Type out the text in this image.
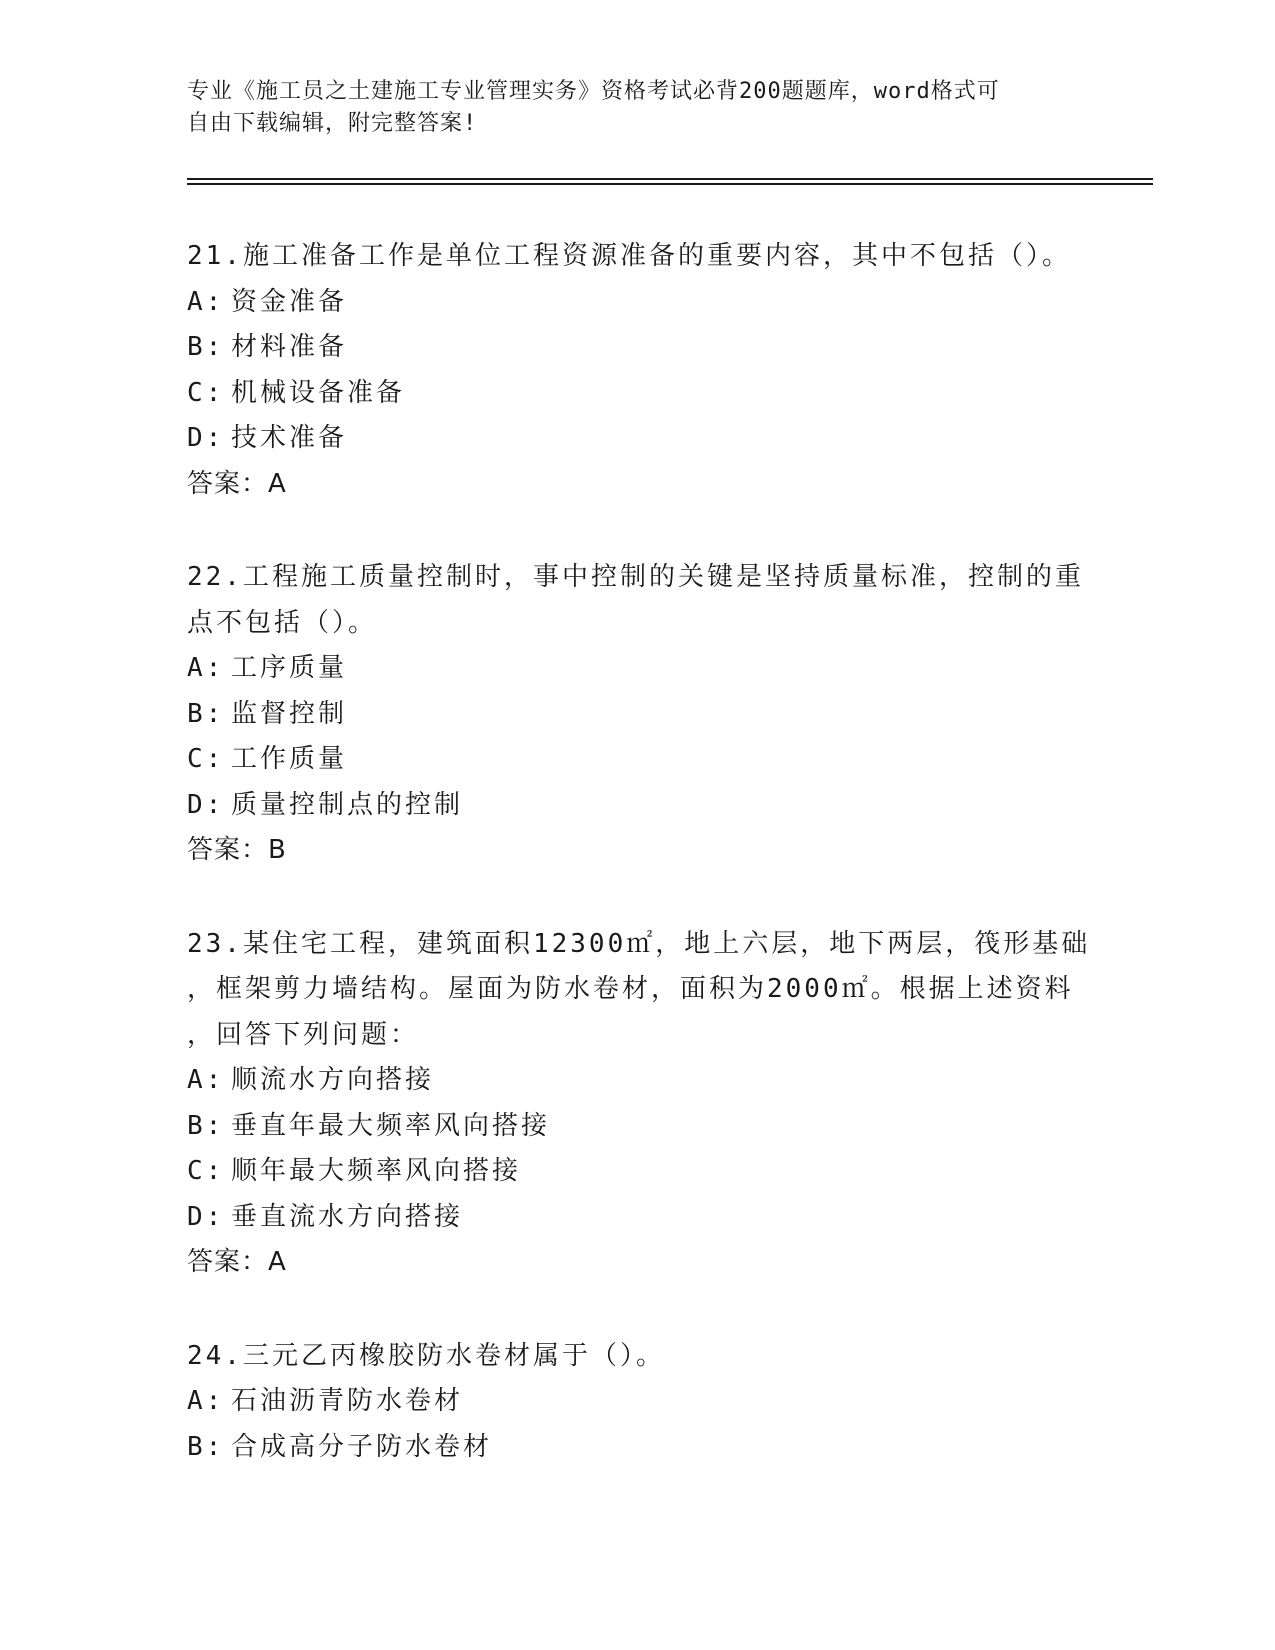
专业《施工员之土建施工专业管理实务》资格考试必背200题题库，word格式可
自由下载编辑，附完整答案!
21.施工准备工作是单位工程资源准备的重要内容，其中不包括（）。
A: 资金准备
B: 材料准备
C: 机械设备准备
D: 技术准备
答案：A
22.工程施工质量控制时，事中控制的关键是坚持质量标准，控制的重
点不包括（）。
A: 工序质量
B: 监督控制
C: 工作质量
D: 质量控制点的控制
答案：B
23.某住宅工程，建筑面积12300㎡，地上六层，地下两层，筏形基础
，框架剪力墙结构。屋面为防水卷材，面积为2000㎡。根据上述资料
，回答下列问题：
A: 顺流水方向搭接
B: 垂直年最大频率风向搭接
C: 顺年最大频率风向搭接
D: 垂直流水方向搭接
答案：A
24.三元乙丙橡胶防水卷材属于（）。
A: 石油沥青防水卷材
B: 合成高分子防水卷材
